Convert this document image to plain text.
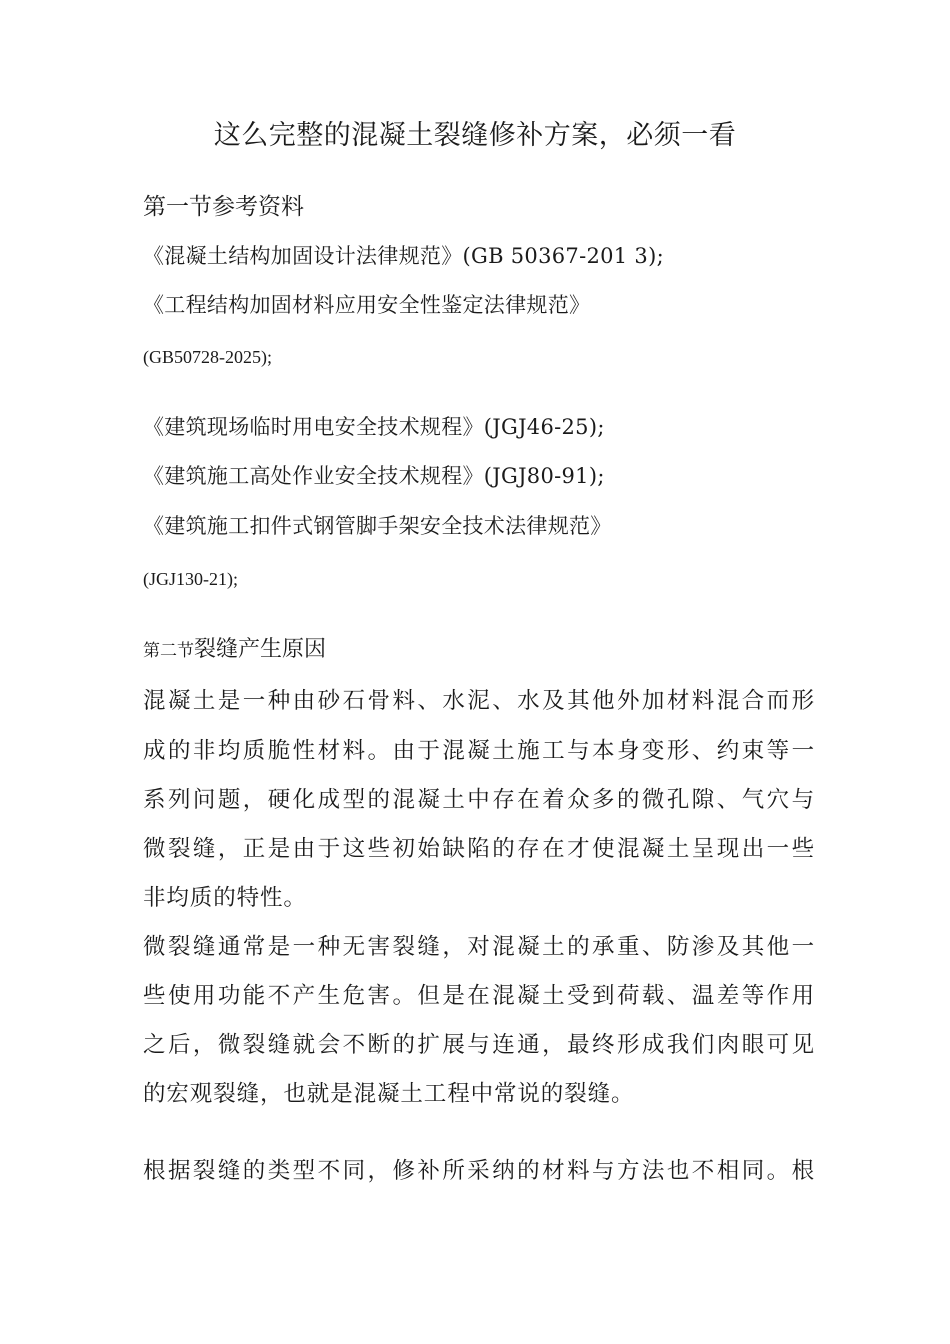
这么完整的混凝土裂缝修补方案，必须一看
第一节参考资料
《混凝土结构加固设计法律规范》(GB 50367-201 3);
《工程结构加固材料应用安全性鉴定法律规范》
(GB50728-2025);
《建筑现场临时用电安全技术规程》(JGJ46-25);
《建筑施工高处作业安全技术规程》(JGJ80-91);
《建筑施工扣件式钢管脚手架安全技术法律规范》
(JGJ130-21);
第二节裂缝产生原因
混凝土是一种由砂石骨料、水泥、水及其他外加材料混合而形
成的非均质脆性材料。由于混凝土施工与本身变形、约束等一
系列问题，硬化成型的混凝土中存在着众多的微孔隙、气穴与
微裂缝，正是由于这些初始缺陷的存在才使混凝土呈现出一些
非均质的特性。
微裂缝通常是一种无害裂缝，对混凝土的承重、防渗及其他一
些使用功能不产生危害。但是在混凝土受到荷载、温差等作用
之后，微裂缝就会不断的扩展与连通，最终形成我们肉眼可见
的宏观裂缝，也就是混凝土工程中常说的裂缝。
根据裂缝的类型不同，修补所采纳的材料与方法也不相同。根
